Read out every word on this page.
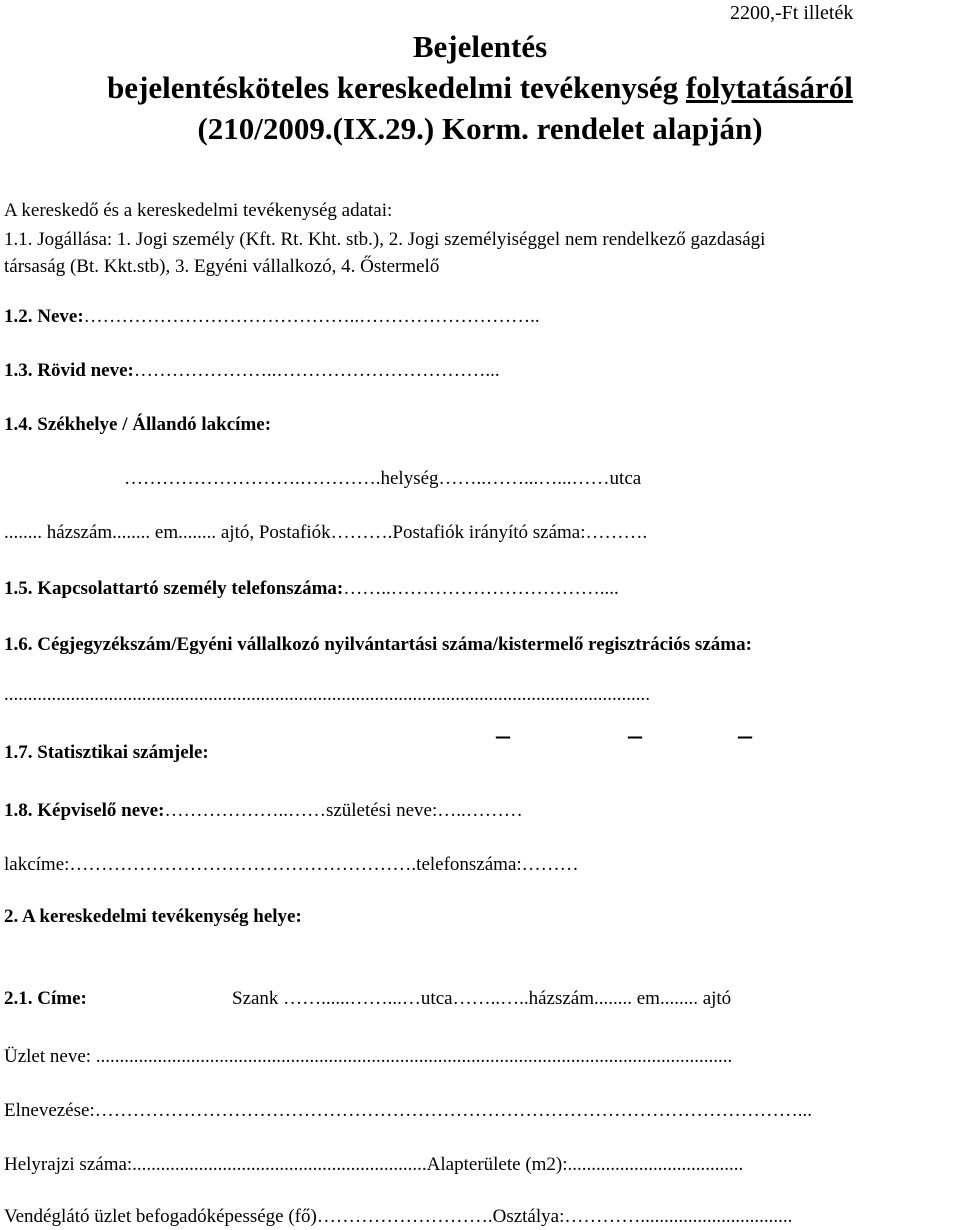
2200,-Ft illeték
Bejelentés
bejelentésköteles kereskedelmi tevékenység folytatásáról
(210/2009.(IX.29.) Korm. rendelet alapján)
A kereskedő és a kereskedelmi tevékenység adatai:
1.1. Jogállása: 1. Jogi személy (Kft. Rt. Kht. stb.), 2. Jogi személyiséggel nem rendelkező gazdasági
társaság (Bt. Kkt.stb), 3. Egyéni vállalkozó, 4. Őstermelő
1.2. Neve:……………………………………..………………………..
1.3. Rövid neve:…………………..……………………………...
1.4. Székhelye / Állandó lakcíme:
……………………….………….helység……..……...…...……utca
........ házszám........ em........ ajtó, Postafiók……….Postafiók irányító száma:……….
1.5. Kapcsolattartó személy telefonszáma:……..……………………………....
1.6. Cégjegyzékszám/Egyéni vállalkozó nyilvántartási száma/kistermelő regisztrációs száma:
........................................................................................................................................
1.7. Statisztikai számjele:
–	–	–
1.8. Képviselő neve:………………..……születési neve:…..………
lakcíme:……………………………………………….telefonszáma:………
2. A kereskedelmi tevékenység helye:
2.1. Címe:	Szank ……......……...…utca……..…..házszám........ em........ ajtó
Üzlet neve: ......................................................................................................................................
Elnevezése:…………………………………………………………………………………………………...
Helyrajzi száma:..............................................................Alapterülete (m2):.....................................
Vendéglátó üzlet befogadóképessége (fő)……………………….Osztálya:…………................................
